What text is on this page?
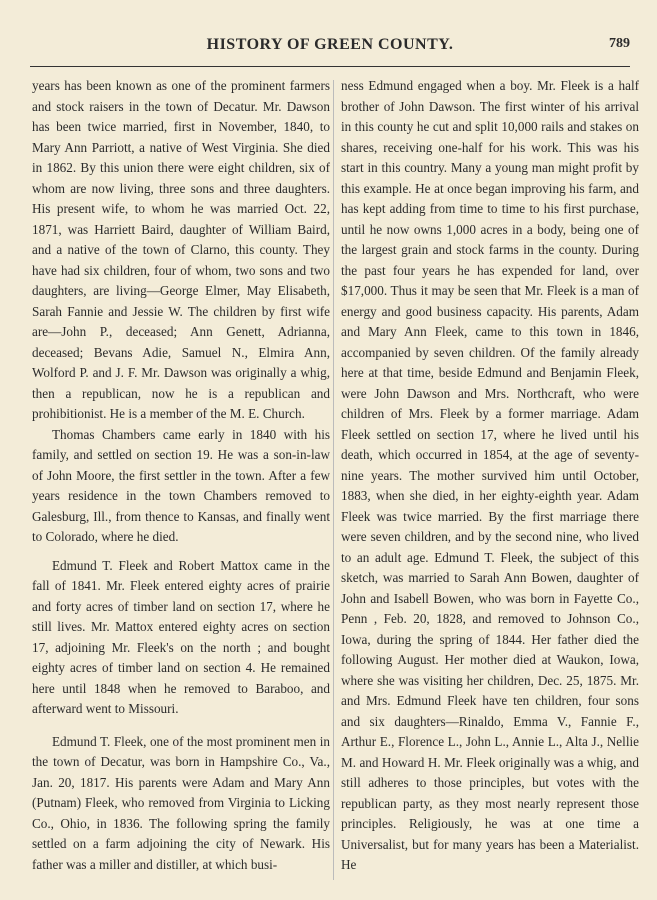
HISTORY OF GREEN COUNTY.	789

years has been known as one of the prominent farmers and stock raisers in the town of Decatur. Mr. Dawson has been twice married, first in November, 1840, to Mary Ann Parriott, a native of West Virginia. She died in 1862. By this union there were eight children, six of whom are now living, three sons and three daughters. His present wife, to whom he was married Oct. 22, 1871, was Harriett Baird, daughter of William Baird, and a native of the town of Clarno, this county. They have had six children, four of whom, two sons and two daughters, are living—George Elmer, May Elisabeth, Sarah Fannie and Jessie W. The children by first wife are—John P., deceased; Ann Genett, Adrianna, deceased; Bevans Adie, Samuel N., Elmira Ann, Wolford P. and J. F. Mr. Dawson was originally a whig, then a republican, now he is a republican and prohibitionist. He is a member of the M. E. Church.

Thomas Chambers came early in 1840 with his family, and settled on section 19. He was a son-in-law of John Moore, the first settler in the town. After a few years residence in the town Chambers removed to Galesburg, Ill., from thence to Kansas, and finally went to Colorado, where he died.

Edmund T. Fleek and Robert Mattox came in the fall of 1841. Mr. Fleek entered eighty acres of prairie and forty acres of timber land on section 17, where he still lives. Mr. Mattox entered eighty acres on section 17, adjoining Mr. Fleek's on the north ; and bought eighty acres of timber land on section 4. He remained here until 1848 when he removed to Baraboo, and afterward went to Missouri.

Edmund T. Fleek, one of the most prominent men in the town of Decatur, was born in Hampshire Co., Va., Jan. 20, 1817. His parents were Adam and Mary Ann (Putnam) Fleek, who removed from Virginia to Licking Co., Ohio, in 1836. The following spring the family settled on a farm adjoining the city of Newark. His father was a miller and distiller, at which busi-

ness Edmund engaged when a boy. Mr. Fleek is a half brother of John Dawson. The first winter of his arrival in this county he cut and split 10,000 rails and stakes on shares, receiving one-half for his work. This was his start in this country. Many a young man might profit by this example. He at once began improving his farm, and has kept adding from time to time to his first purchase, until he now owns 1,000 acres in a body, being one of the largest grain and stock farms in the county. During the past four years he has expended for land, over $17,000. Thus it may be seen that Mr. Fleek is a man of energy and good business capacity. His parents, Adam and Mary Ann Fleek, came to this town in 1846, accompanied by seven children. Of the family already here at that time, beside Edmund and Benjamin Fleek, were John Dawson and Mrs. Northcraft, who were children of Mrs. Fleek by a former marriage. Adam Fleek settled on section 17, where he lived until his death, which occurred in 1854, at the age of seventy-nine years. The mother survived him until October, 1883, when she died, in her eighty-eighth year. Adam Fleek was twice married. By the first marriage there were seven children, and by the second nine, who lived to an adult age. Edmund T. Fleek, the subject of this sketch, was married to Sarah Ann Bowen, daughter of John and Isabell Bowen, who was born in Fayette Co., Penn , Feb. 20, 1828, and removed to Johnson Co., Iowa, during the spring of 1844. Her father died the following August. Her mother died at Waukon, Iowa, where she was visiting her children, Dec. 25, 1875. Mr. and Mrs. Edmund Fleek have ten children, four sons and six daughters—Rinaldo, Emma V., Fannie F., Arthur E., Florence L., John L., Annie L., Alta J., Nellie M. and Howard H. Mr. Fleek originally was a whig, and still adheres to those principles, but votes with the republican party, as they most nearly represent those principles. Religiously, he was at one time a Universalist, but for many years has been a Materialist. He
